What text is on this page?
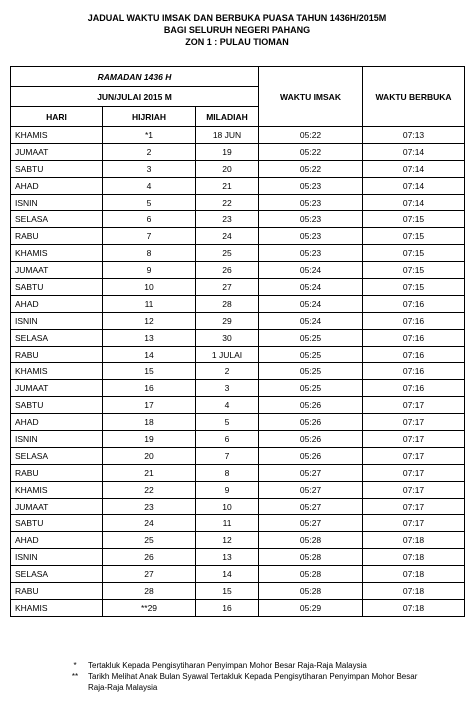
JADUAL WAKTU IMSAK DAN BERBUKA PUASA TAHUN 1436H/2015M
BAGI SELURUH NEGERI PAHANG
ZON 1 : PULAU TIOMAN
RAMADAN 1436 H			WAKTU IMSAK	WAKTU BERBUKA
JUN/JULAI 2015 M				
HARI	HIJRIAH	MILADIAH		
KHAMIS	*1	18 JUN	05:22	07:13
JUMAAT	2	19	05:22	07:14
SABTU	3	20	05:22	07:14
AHAD	4	21	05:23	07:14
ISNIN	5	22	05:23	07:14
SELASA	6	23	05:23	07:15
RABU	7	24	05:23	07:15
KHAMIS	8	25	05:23	07:15
JUMAAT	9	26	05:24	07:15
SABTU	10	27	05:24	07:15
AHAD	11	28	05:24	07:16
ISNIN	12	29	05:24	07:16
SELASA	13	30	05:25	07:16
RABU	14	1 JULAI	05:25	07:16
KHAMIS	15	2	05:25	07:16
JUMAAT	16	3	05:25	07:16
SABTU	17	4	05:26	07:17
AHAD	18	5	05:26	07:17
ISNIN	19	6	05:26	07:17
SELASA	20	7	05:26	07:17
RABU	21	8	05:27	07:17
KHAMIS	22	9	05:27	07:17
JUMAAT	23	10	05:27	07:17
SABTU	24	11	05:27	07:17
AHAD	25	12	05:28	07:18
ISNIN	26	13	05:28	07:18
SELASA	27	14	05:28	07:18
RABU	28	15	05:28	07:18
KHAMIS	**29	16	05:29	07:18
*	Tertakluk Kepada Pengisytiharan Penyimpan Mohor Besar Raja-Raja Malaysia
**	Tarikh Melihat Anak Bulan Syawal Tertakluk Kepada Pengisytiharan Penyimpan Mohor Besar Raja-Raja Malaysia
